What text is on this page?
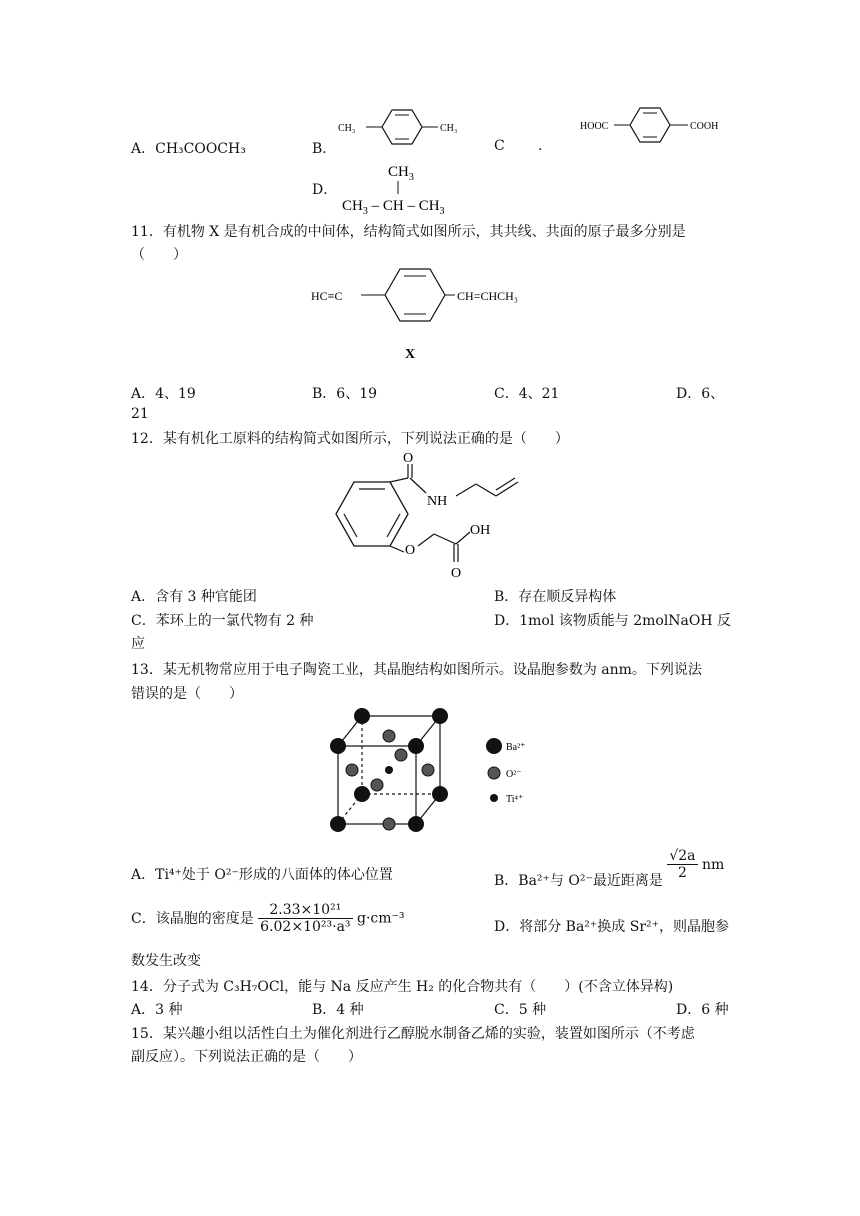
A．CH₃COOCH₃	B．
CH₃	CH₃
C .
HOOC	COOH
D．
$CH_3$
$CH_3$ – CH – $CH_3$
11．有机物 X 是有机合成的中间体，结构简式如图所示，其共线、共面的原子最多分别是
（　　）
HC≡C	CH=CHCH₃
X
A．4、19	B．6、19	C．4、21	D．6、
21
12．某有机化工原料的结构简式如图所示，下列说法正确的是（　　）
O
NH
O
OH
O
A．含有 3 种官能团	B．存在顺反异构体
C．苯环上的一氯代物有 2 种	D．1mol 该物质能与 2molNaOH 反
应
13．某无机物常应用于电子陶瓷工业，其晶胞结构如图所示。设晶胞参数为 anm。下列说法
错误的是（　　）
Ba²⁺
O²⁻
Ti⁴⁺
A．Ti⁴⁺处于 O²⁻形成的八面体的体心位置	B．Ba²⁺与 O²⁻最近距离是 $\frac{√2a}{2}$ nm
C．该晶胞的密度是 $\frac{\text{2.33×10²¹}}{\text{6.02×10²³·a³}} g\cdot cm^{-3}$
D．将部分 Ba²⁺换成 Sr²⁺，则晶胞参
数发生改变
14．分子式为 C₃H₇OCl，能与 Na 反应产生 H₂ 的化合物共有（　　）(不含立体异构)
A．3 种	B．4 种	C．5 种	D．6 种
15．某兴趣小组以活性白土为催化剂进行乙醇脱水制备乙烯的实验，装置如图所示（不考虑
副反应）。下列说法正确的是（　　）
